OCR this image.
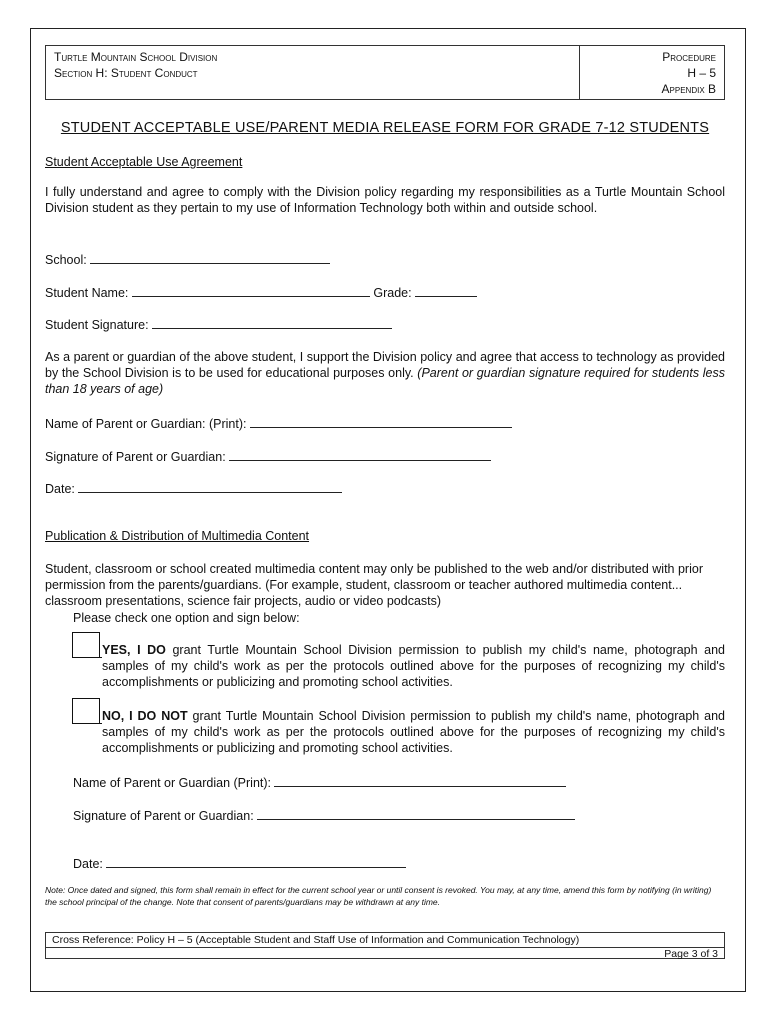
Turtle Mountain School Division
Section H: Student Conduct
Procedure
H – 5
Appendix B
STUDENT ACCEPTABLE USE/PARENT MEDIA RELEASE FORM FOR GRADE 7-12 STUDENTS
Student Acceptable Use Agreement
I fully understand and agree to comply with the Division policy regarding my responsibilities as a Turtle Mountain School Division student as they pertain to my use of Information Technology both within and outside school.
School:
Student Name:	Grade:
Student Signature:
As a parent or guardian of the above student, I support the Division policy and agree that access to technology as provided by the School Division is to be used for educational purposes only. (Parent or guardian signature required for students less than 18 years of age)
Name of Parent or Guardian: (Print):
Signature of Parent or Guardian:
Date:
Publication & Distribution of Multimedia Content
Student, classroom or school created multimedia content may only be published to the web and/or distributed with prior permission from the parents/guardians. (For example, student, classroom or teacher authored multimedia content... classroom presentations, science fair projects, audio or video podcasts)
Please check one option and sign below:
YES, I DO grant Turtle Mountain School Division permission to publish my child's name, photograph and samples of my child's work as per the protocols outlined above for the purposes of recognizing my child's accomplishments or publicizing and promoting school activities.
NO, I DO NOT grant Turtle Mountain School Division permission to publish my child's name, photograph and samples of my child's work as per the protocols outlined above for the purposes of recognizing my child's accomplishments or publicizing and promoting school activities.
Name of Parent or Guardian (Print):
Signature of Parent or Guardian:
Date:
Note: Once dated and signed, this form shall remain in effect for the current school year or until consent is revoked. You may, at any time, amend this form by notifying (in writing) the school principal of the change. Note that consent of parents/guardians may be withdrawn at any time.
Cross Reference: Policy H – 5 (Acceptable Student and Staff Use of Information and Communication Technology)
Page 3 of 3
